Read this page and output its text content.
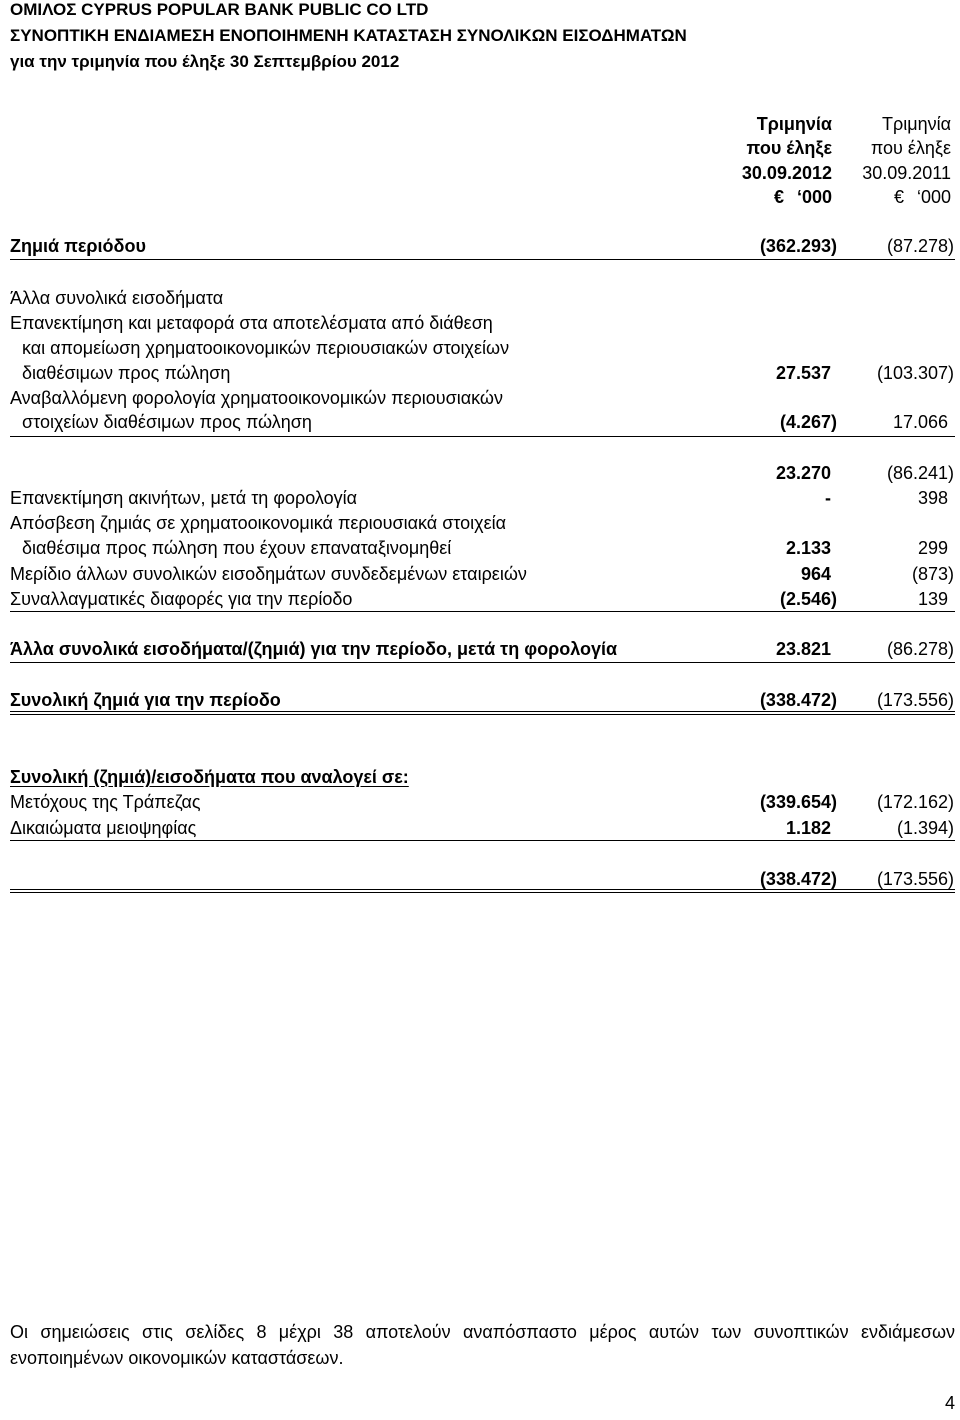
ΟΜΙΛΟΣ CYPRUS POPULAR BANK PUBLIC CO LTD
ΣΥΝΟΠΤΙΚΗ ΕΝΔΙΑΜΕΣΗ ΕΝΟΠΟΙΗΜΕΝΗ ΚΑΤΑΣΤΑΣΗ ΣΥΝΟΛΙΚΩΝ ΕΙΣΟΔΗΜΑΤΩΝ
για την τριμηνία που έληξε 30 Σεπτεμβρίου 2012
Τριμηνία
που έληξε
30.09.2012
€ ‘000
Τριμηνία
που έληξε
30.09.2011
€ ‘000
Ζημιά περιόδου	(362.293)	(87.278)
Άλλα συνολικά εισοδήματα
Επανεκτίμηση και μεταφορά στα αποτελέσματα από διάθεση
και απομείωση χρηματοοικονομικών περιουσιακών στοιχείων
διαθέσιμων προς πώληση	27.537	(103.307)
Αναβαλλόμενη φορολογία χρηματοοικονομικών περιουσιακών
στοιχείων διαθέσιμων προς πώληση	(4.267)	17.066
23.270	(86.241)
Επανεκτίμηση ακινήτων, μετά τη φορολογία	-	398
Απόσβεση ζημιάς σε χρηματοοικονομικά περιουσιακά στοιχεία
διαθέσιμα προς πώληση που έχουν επαναταξινομηθεί	2.133	299
Μερίδιο άλλων συνολικών εισοδημάτων συνδεδεμένων εταιρειών	964	(873)
Συναλλαγματικές διαφορές για την περίοδο	(2.546)	139
Άλλα συνολικά εισοδήματα/(ζημιά) για την περίοδο, μετά τη φορολογία	23.821	(86.278)
Συνολική ζημιά για την περίοδο	(338.472) (173.556)
Συνολική (ζημιά)/εισοδήματα που αναλογεί σε:
Μετόχους της Τράπεζας	(339.654) (172.162)
Δικαιώματα μειοψηφίας	1.182	(1.394)
(338.472) (173.556)
Οι σημειώσεις στις σελίδες 8 μέχρι 38 αποτελούν αναπόσπαστο μέρος αυτών των συνοπτικών ενδιάμεσων
ενοποιημένων οικονομικών καταστάσεων.
4
